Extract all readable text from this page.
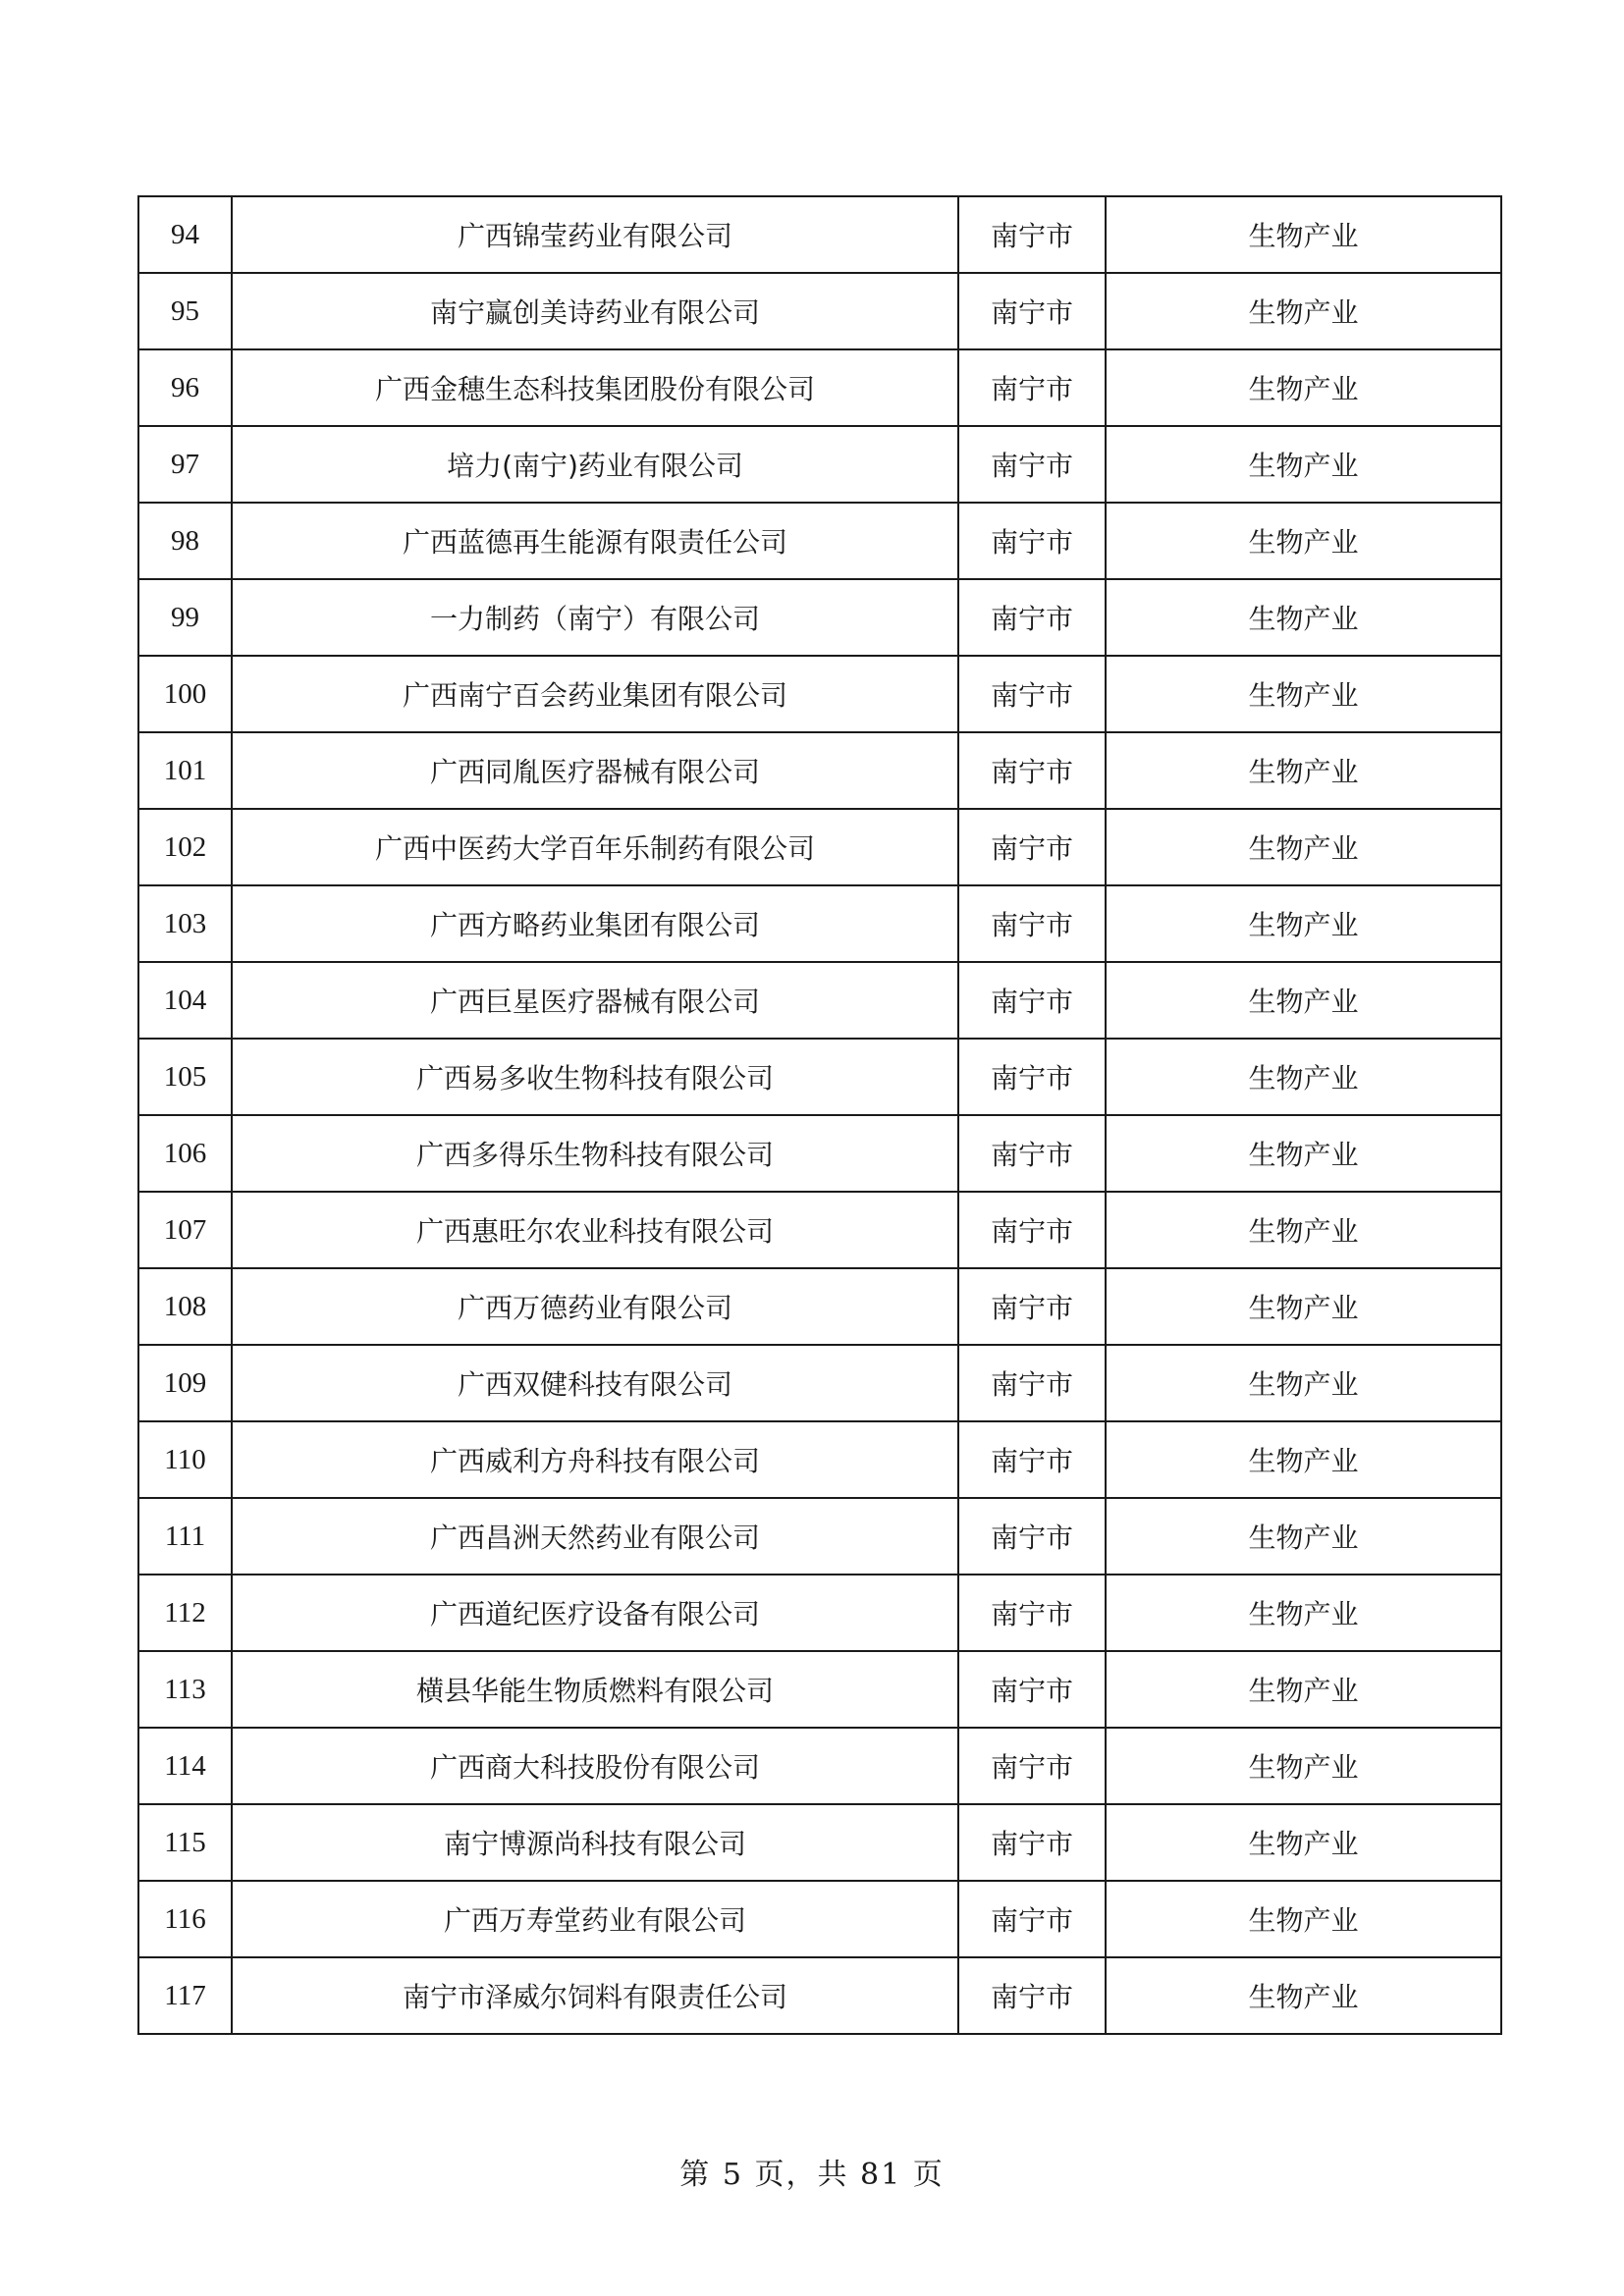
94	广西锦莹药业有限公司	南宁市	生物产业
95	南宁赢创美诗药业有限公司	南宁市	生物产业
96	广西金穗生态科技集团股份有限公司	南宁市	生物产业
97	培力(南宁)药业有限公司	南宁市	生物产业
98	广西蓝德再生能源有限责任公司	南宁市	生物产业
99	一力制药（南宁）有限公司	南宁市	生物产业
100	广西南宁百会药业集团有限公司	南宁市	生物产业
101	广西同胤医疗器械有限公司	南宁市	生物产业
102	广西中医药大学百年乐制药有限公司	南宁市	生物产业
103	广西方略药业集团有限公司	南宁市	生物产业
104	广西巨星医疗器械有限公司	南宁市	生物产业
105	广西易多收生物科技有限公司	南宁市	生物产业
106	广西多得乐生物科技有限公司	南宁市	生物产业
107	广西惠旺尔农业科技有限公司	南宁市	生物产业
108	广西万德药业有限公司	南宁市	生物产业
109	广西双健科技有限公司	南宁市	生物产业
110	广西威利方舟科技有限公司	南宁市	生物产业
111	广西昌洲天然药业有限公司	南宁市	生物产业
112	广西道纪医疗设备有限公司	南宁市	生物产业
113	横县华能生物质燃料有限公司	南宁市	生物产业
114	广西商大科技股份有限公司	南宁市	生物产业
115	南宁博源尚科技有限公司	南宁市	生物产业
116	广西万寿堂药业有限公司	南宁市	生物产业
117	南宁市泽威尔饲料有限责任公司	南宁市	生物产业
第 5 页，共 81 页
